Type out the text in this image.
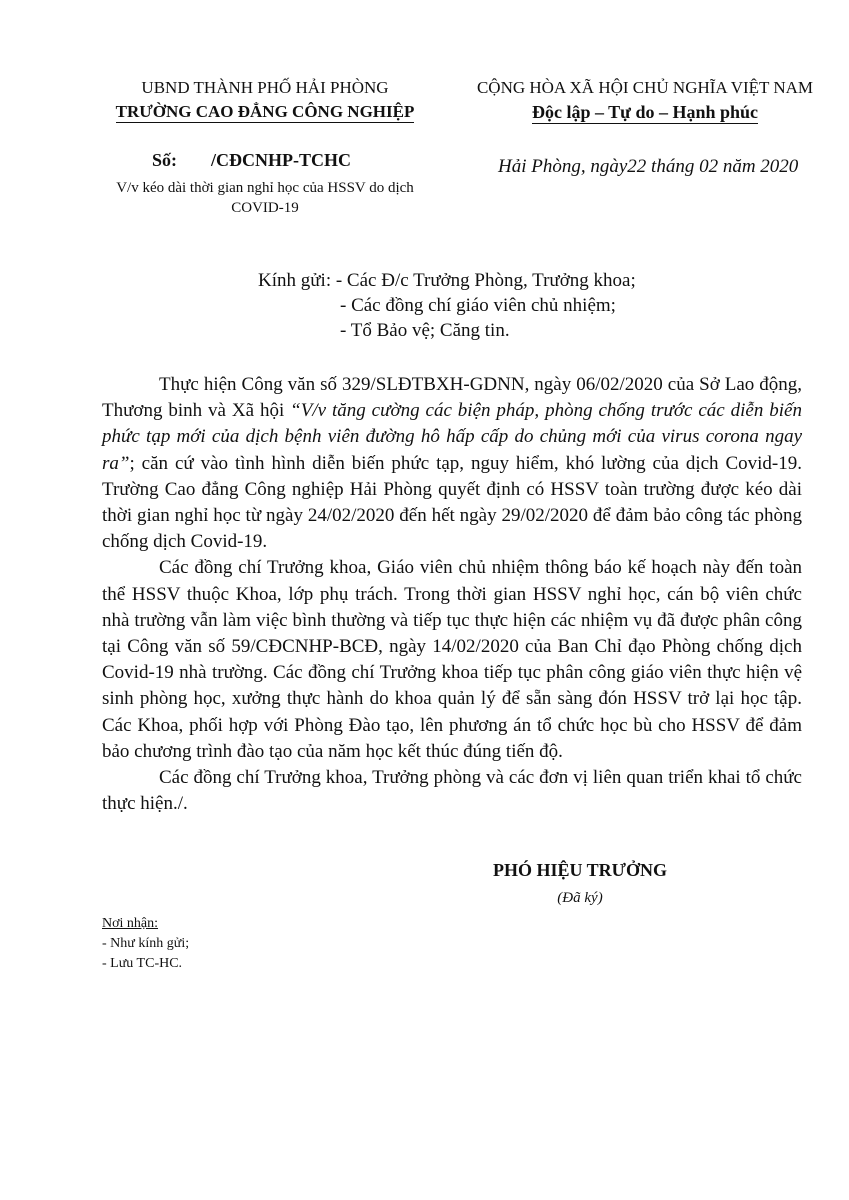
UBND THÀNH PHỐ HẢI PHÒNG
TRƯỜNG CAO ĐẲNG CÔNG NGHIỆP
CỘNG HÒA XÃ HỘI CHỦ NGHĨA VIỆT NAM
Độc lập – Tự do – Hạnh phúc
Số: /CĐCNHP-TCHC
V/v kéo dài thời gian nghỉ học của HSSV do dịch COVID-19
Hải Phòng, ngày22 tháng 02 năm 2020
Kính gửi: - Các Đ/c Trưởng Phòng, Trưởng khoa;
- Các đồng chí giáo viên chủ nhiệm;
- Tổ Bảo vệ; Căng tin.

Thực hiện Công văn số 329/SLĐTBXH-GDNN, ngày 06/02/2020 của Sở Lao động, Thương binh và Xã hội “V/v tăng cường các biện pháp, phòng chống trước các diễn biến phức tạp mới của dịch bệnh viên đường hô hấp cấp do chủng mới của virus corona ngay ra”; căn cứ vào tình hình diễn biến phức tạp, nguy hiểm, khó lường của dịch Covid-19. Trường Cao đẳng Công nghiệp Hải Phòng quyết định có HSSV toàn trường được kéo dài thời gian nghỉ học từ ngày 24/02/2020 đến hết ngày 29/02/2020 để đảm bảo công tác phòng chống dịch Covid-19.

Các đồng chí Trưởng khoa, Giáo viên chủ nhiệm thông báo kế hoạch này đến toàn thể HSSV thuộc Khoa, lớp phụ trách. Trong thời gian HSSV nghỉ học, cán bộ viên chức nhà trường vẫn làm việc bình thường và tiếp tục thực hiện các nhiệm vụ đã được phân công tại Công văn số 59/CĐCNHP-BCĐ, ngày 14/02/2020 của Ban Chỉ đạo Phòng chống dịch Covid-19 nhà trường. Các đồng chí Trưởng khoa tiếp tục phân công giáo viên thực hiện vệ sinh phòng học, xưởng thực hành do khoa quản lý để sẵn sàng đón HSSV trở lại học tập. Các Khoa, phối hợp với Phòng Đào tạo, lên phương án tổ chức học bù cho HSSV để đảm bảo chương trình đào tạo của năm học kết thúc đúng tiến độ.

Các đồng chí Trưởng khoa, Trưởng phòng và các đơn vị liên quan triển khai tổ chức thực hiện./.

PHÓ HIỆU TRƯỞNG
(Đã ký)
Nơi nhận:
- Như kính gửi;
- Lưu TC-HC.
